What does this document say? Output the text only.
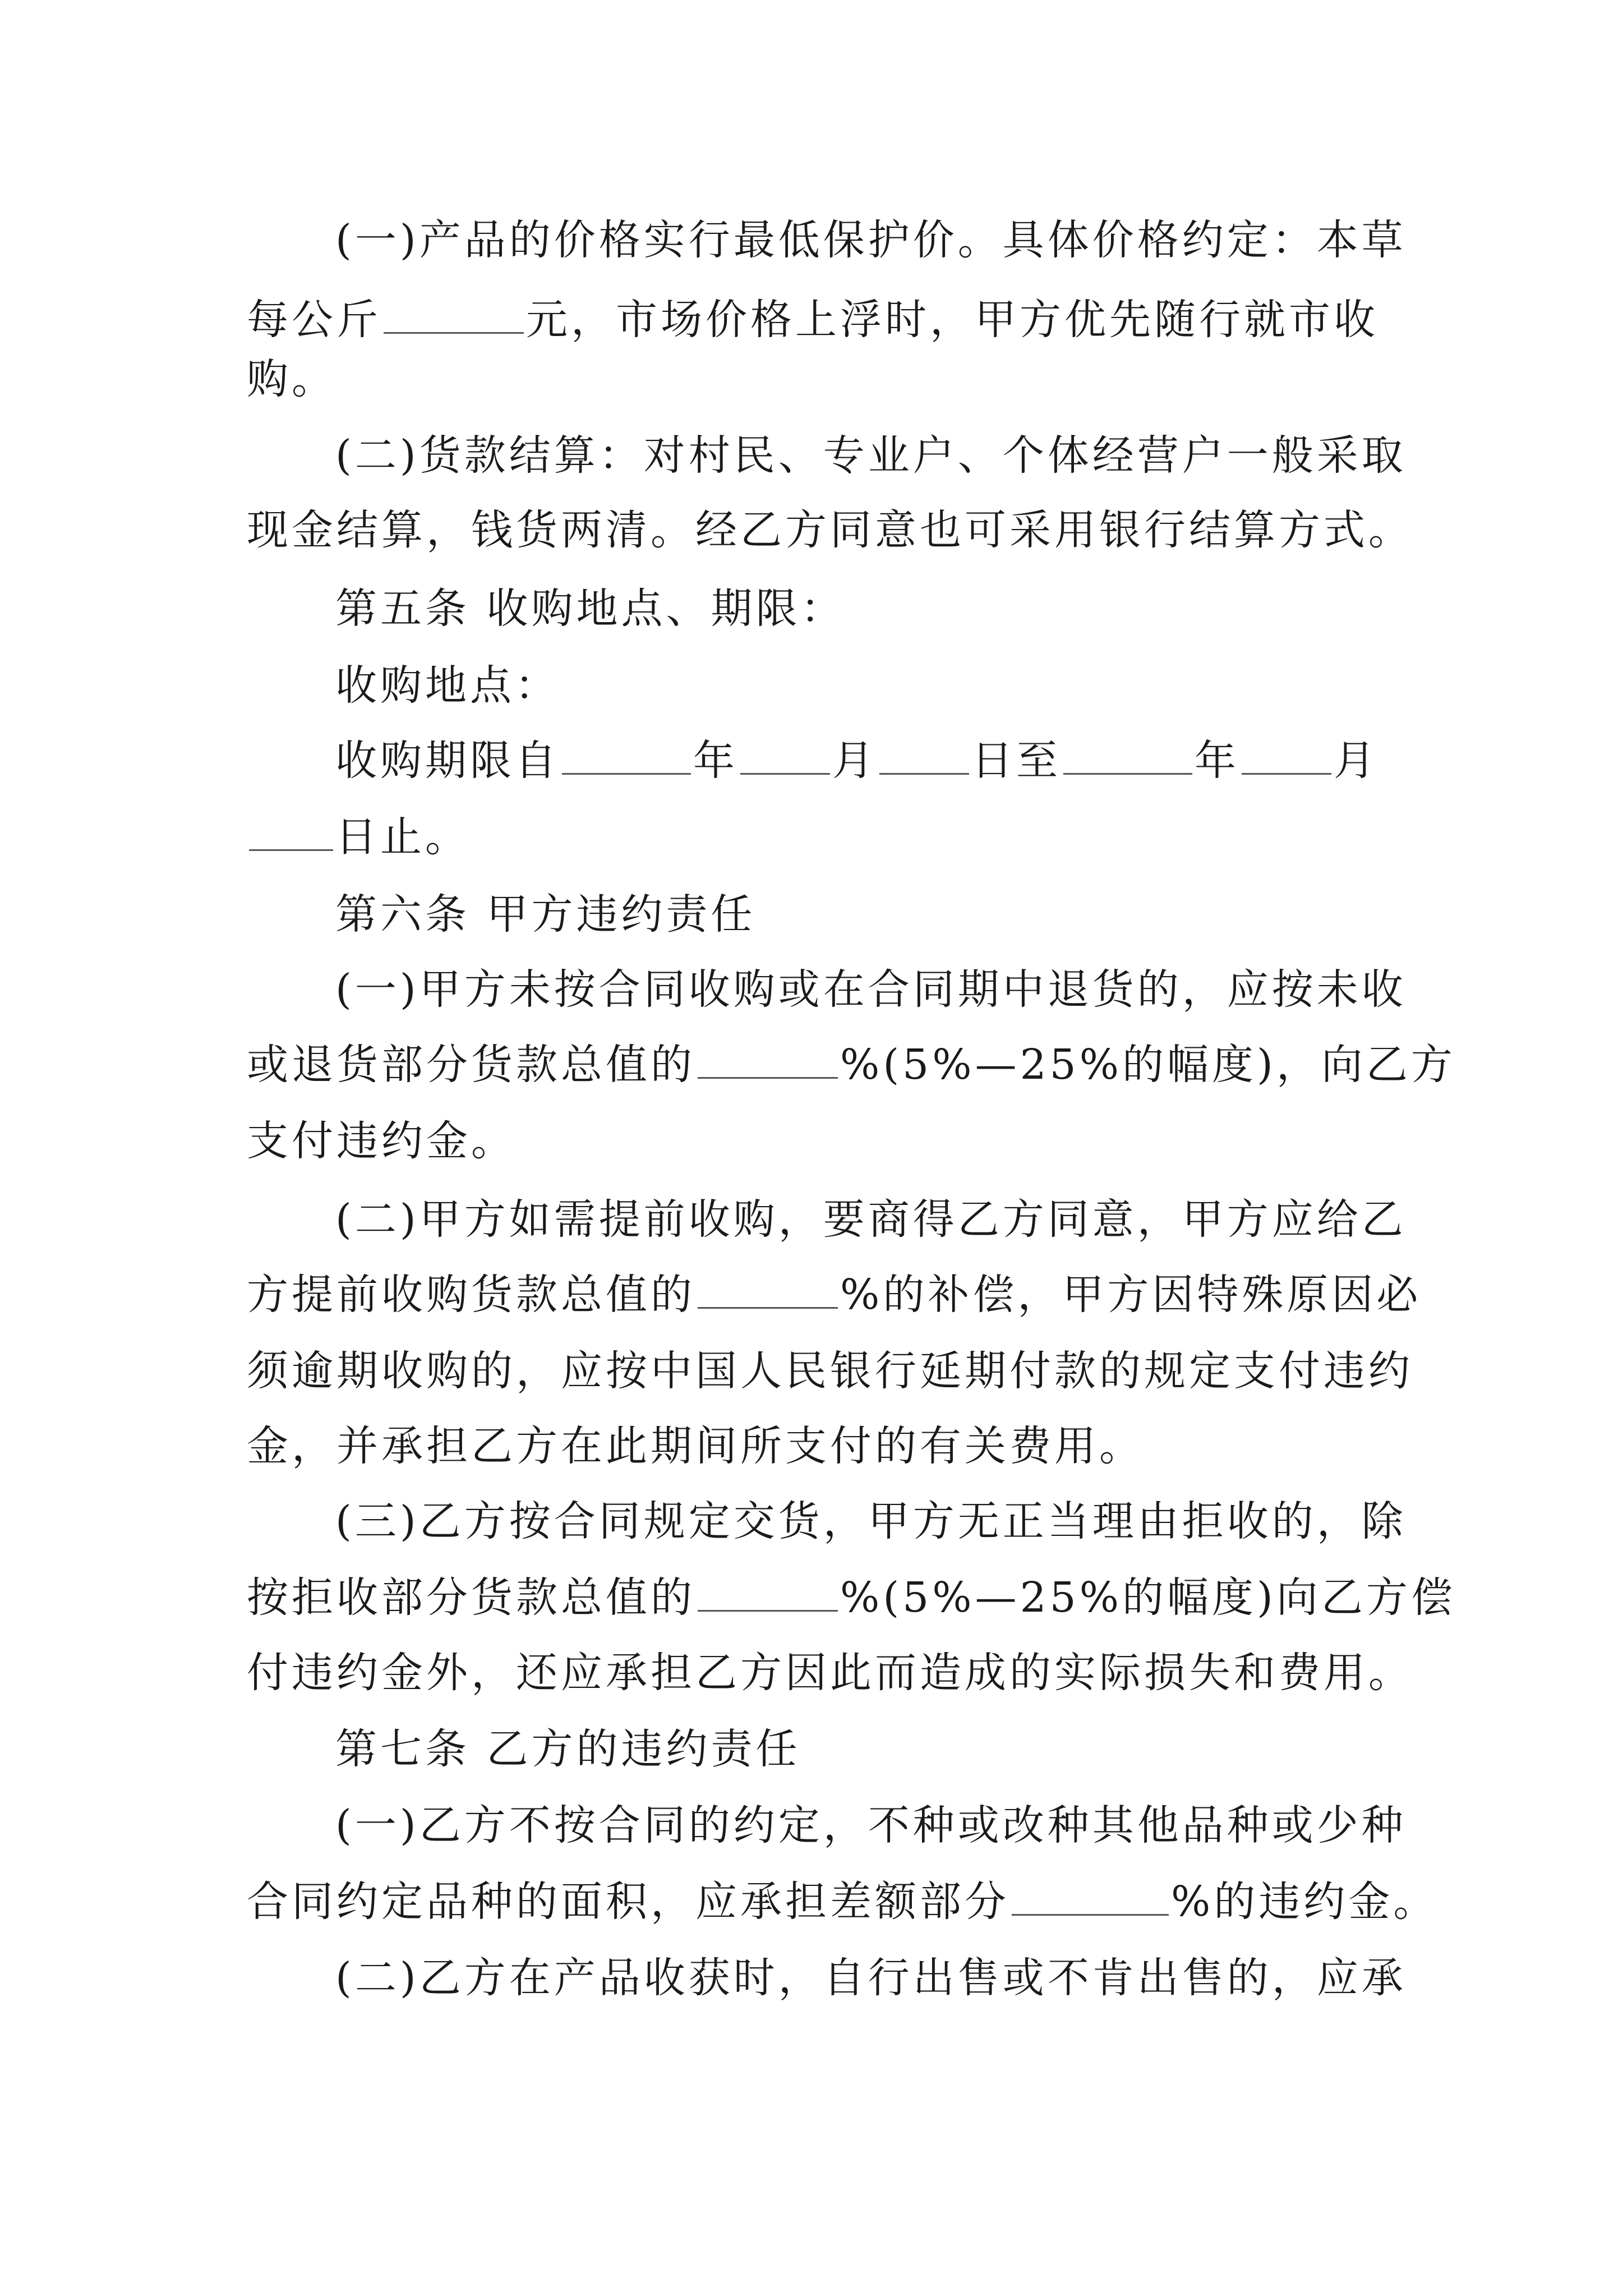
(一)产品的价格实行最低保护价。具体价格约定：本草
每公斤	元，市场价格上浮时，甲方优先随行就市收
购。
(二)货款结算：对村民、专业户、个体经营户一般采取
现金结算，钱货两清。经乙方同意也可采用银行结算方式。
第五条 收购地点、期限：
收购地点：
收购期限自	年 月 日至	年 月
日止。
第六条 甲方违约责任
(一)甲方未按合同收购或在合同期中退货的，应按未收
或退货部分货款总值的	%(5%—25%的幅度)，向乙方
支付违约金。
(二)甲方如需提前收购，要商得乙方同意，甲方应给乙
方提前收购货款总值的	%的补偿，甲方因特殊原因必
须逾期收购的，应按中国人民银行延期付款的规定支付违约
金，并承担乙方在此期间所支付的有关费用。
(三)乙方按合同规定交货，甲方无正当理由拒收的，除
按拒收部分货款总值的	%(5%—25%的幅度)向乙方偿
付违约金外，还应承担乙方因此而造成的实际损失和费用。
第七条 乙方的违约责任
(一)乙方不按合同的约定，不种或改种其他品种或少种
合同约定品种的面积，应承担差额部分	%的违约金。
(二)乙方在产品收获时，自行出售或不肯出售的，应承
